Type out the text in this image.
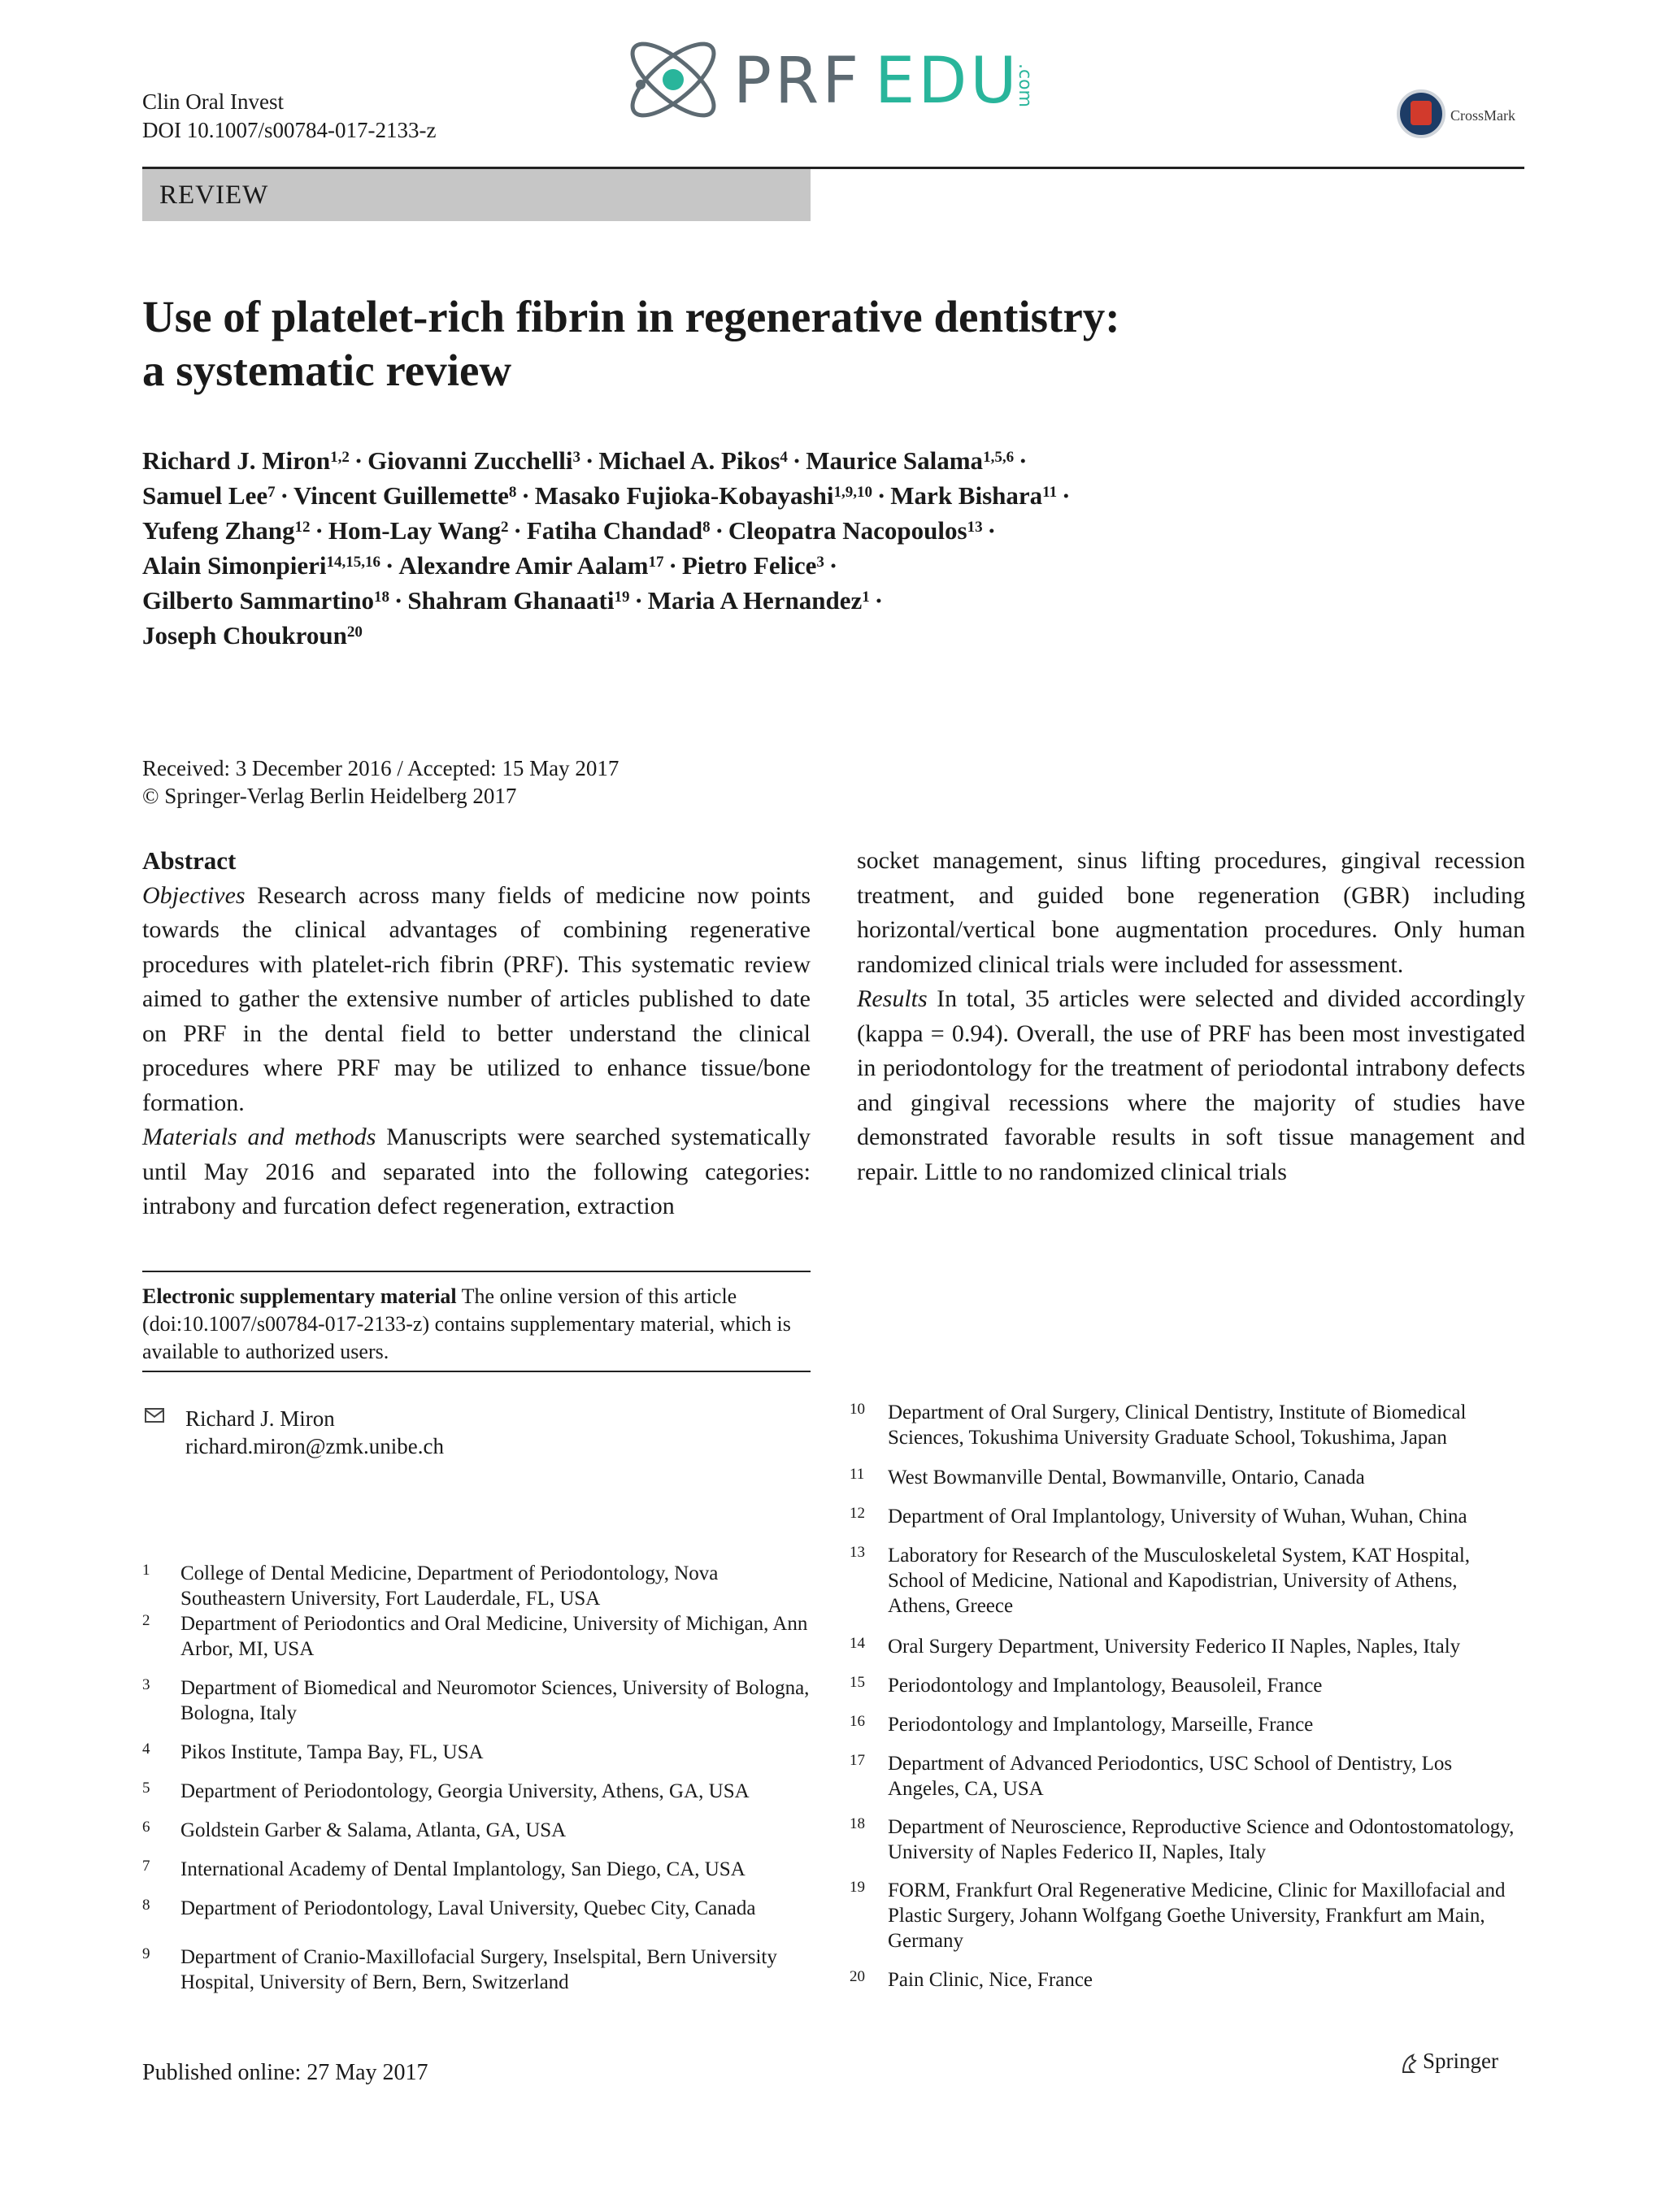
Clin Oral Invest
DOI 10.1007/s00784-017-2133-z
PRF EDU
.com
CrossMark
REVIEW
Use of platelet-rich fibrin in regenerative dentistry:
a systematic review
Richard J. Miron$^{1,2}$ · Giovanni Zucchelli$^3$ · Michael A. Pikos$^4$ · Maurice Salama$^{1,5,6}$ ·
Samuel Lee$^7$ · Vincent Guillemette$^8$ · Masako Fujioka-Kobayashi$^{1,9,10}$ · Mark Bishara$^{11}$ ·
Yufeng Zhang$^{12}$ · Hom-Lay Wang$^2$ · Fatiha Chandad$^8$ · Cleopatra Nacopoulos$^{13}$ ·
Alain Simonpieri$^{14,15,16}$ · Alexandre Amir Aalam$^{17}$ · Pietro Felice$^3$ ·
Gilberto Sammartino$^{18}$ · Shahram Ghanaati$^{19}$ · Maria A Hernandez$^1$ ·
Joseph Choukroun$^{20}$
Received: 3 December 2016 / Accepted: 15 May 2017
© Springer-Verlag Berlin Heidelberg 2017
Abstract
Objectives Research across many fields of medicine now points towards the clinical advantages of combining regenerative procedures with platelet-rich fibrin (PRF). This systematic review aimed to gather the extensive number of articles published to date on PRF in the dental field to better understand the clinical procedures where PRF may be utilized to enhance tissue/bone formation.
Materials and methods Manuscripts were searched systematically until May 2016 and separated into the following categories: intrabony and furcation defect regeneration, extraction
socket management, sinus lifting procedures, gingival recession treatment, and guided bone regeneration (GBR) including horizontal/vertical bone augmentation procedures. Only human randomized clinical trials were included for assessment.
Results In total, 35 articles were selected and divided accordingly (kappa = 0.94). Overall, the use of PRF has been most investigated in periodontology for the treatment of periodontal intrabony defects and gingival recessions where the majority of studies have demonstrated favorable results in soft tissue management and repair. Little to no randomized clinical trials
Electronic supplementary material The online version of this article (doi:10.1007/s00784-017-2133-z) contains supplementary material, which is available to authorized users.
Richard J. Miron
richard.miron@zmk.unibe.ch
1 College of Dental Medicine, Department of Periodontology, Nova Southeastern University, Fort Lauderdale, FL, USA
2 Department of Periodontics and Oral Medicine, University of Michigan, Ann Arbor, MI, USA
3 Department of Biomedical and Neuromotor Sciences, University of Bologna, Bologna, Italy
4 Pikos Institute, Tampa Bay, FL, USA
5 Department of Periodontology, Georgia University, Athens, GA, USA
6 Goldstein Garber & Salama, Atlanta, GA, USA
7 International Academy of Dental Implantology, San Diego, CA, USA
8 Department of Periodontology, Laval University, Quebec City, Canada
9 Department of Cranio-Maxillofacial Surgery, Inselspital, Bern University Hospital, University of Bern, Bern, Switzerland
10 Department of Oral Surgery, Clinical Dentistry, Institute of Biomedical Sciences, Tokushima University Graduate School, Tokushima, Japan
11 West Bowmanville Dental, Bowmanville, Ontario, Canada
12 Department of Oral Implantology, University of Wuhan, Wuhan, China
13 Laboratory for Research of the Musculoskeletal System, KAT Hospital, School of Medicine, National and Kapodistrian, University of Athens, Athens, Greece
14 Oral Surgery Department, University Federico II Naples, Naples, Italy
15 Periodontology and Implantology, Beausoleil, France
16 Periodontology and Implantology, Marseille, France
17 Department of Advanced Periodontics, USC School of Dentistry, Los Angeles, CA, USA
18 Department of Neuroscience, Reproductive Science and Odontostomatology, University of Naples Federico II, Naples, Italy
19 FORM, Frankfurt Oral Regenerative Medicine, Clinic for Maxillofacial and Plastic Surgery, Johann Wolfgang Goethe University, Frankfurt am Main, Germany
20 Pain Clinic, Nice, France
Published online: 27 May 2017	Springer
